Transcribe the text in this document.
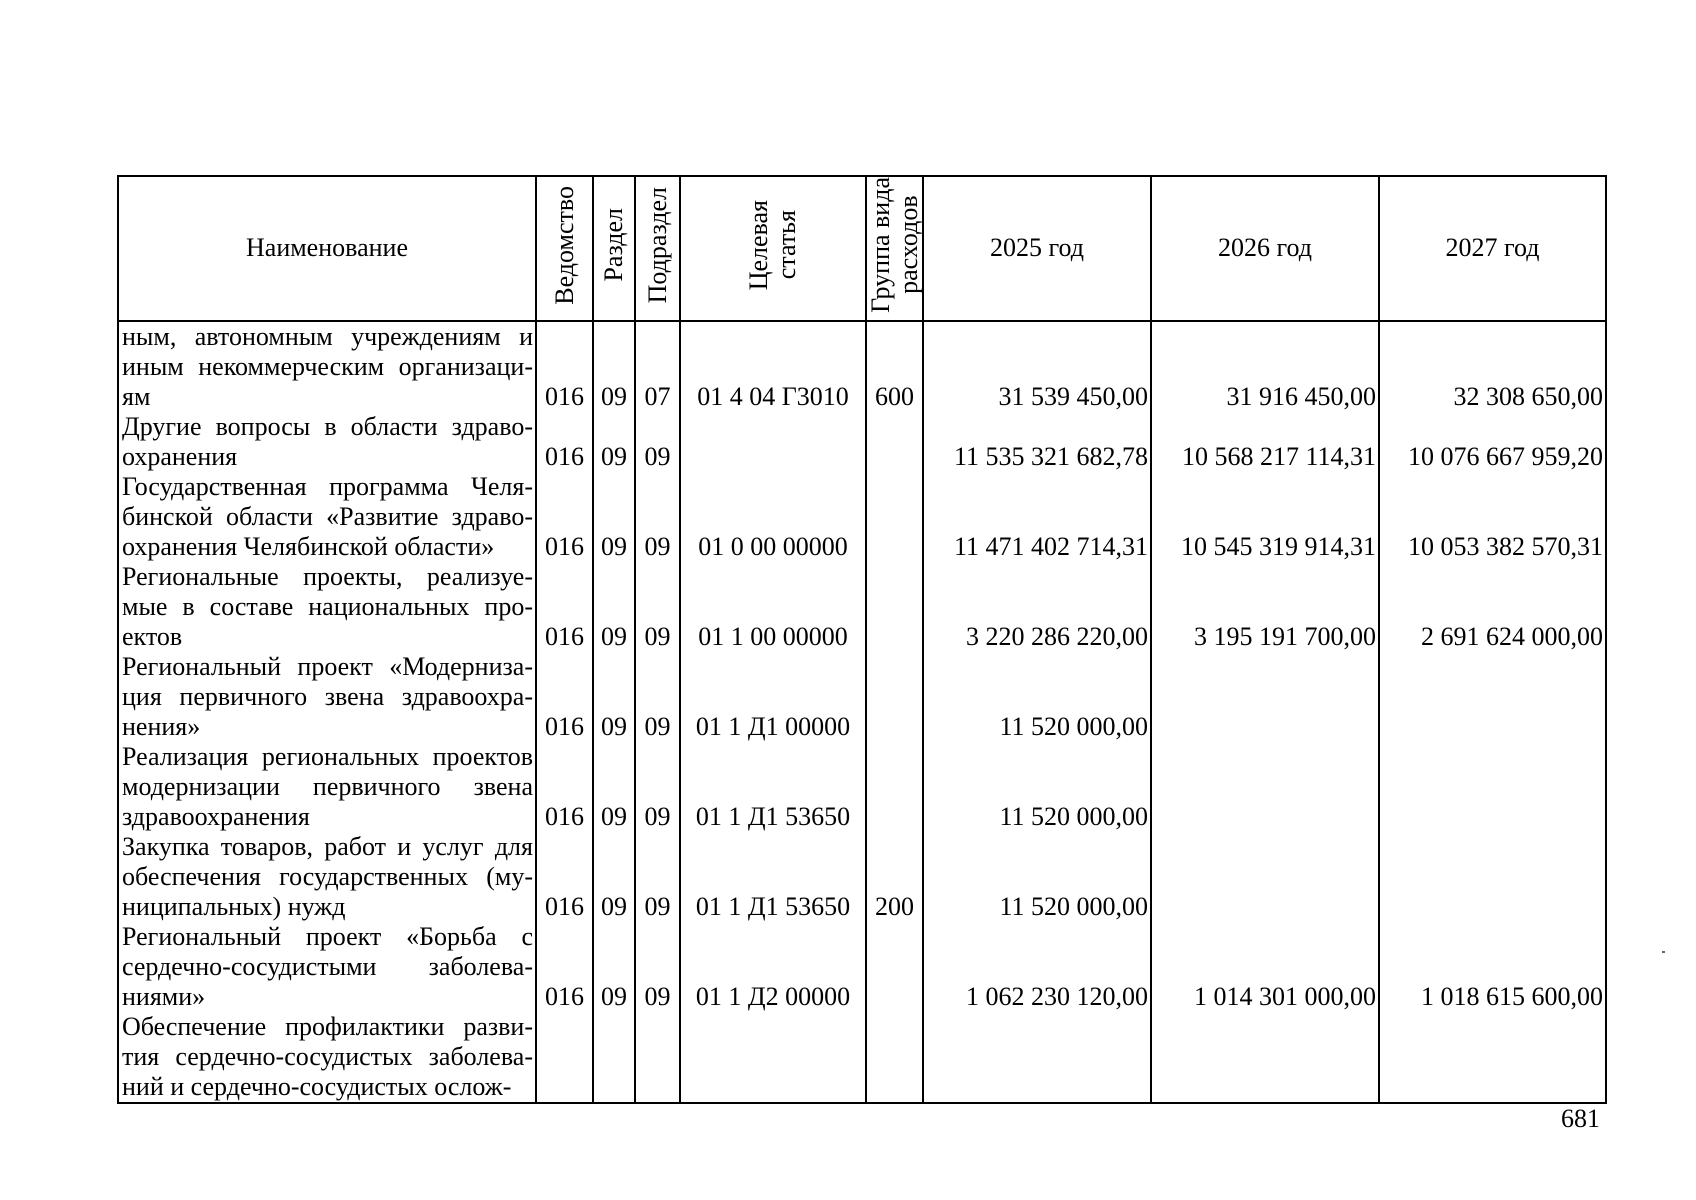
Наименование	Ведомство	Раздел	Подраздел	Целевая
статья	Группа вида
расходов	2025 год	2026 год	2027 год
ным, автономным учреждениям и иным некоммерческим организациям	016	09	07	01 4 04 Г3010	600	31 539 450,00	31 916 450,00	32 308 650,00
Другие вопросы в области здравоохранения	016	09	09			11 535 321 682,78	10 568 217 114,31	10 076 667 959,20
Государственная программа Челябинской области «Развитие здравоохранения Челябинской области»	016	09	09	01 0 00 00000		11 471 402 714,31	10 545 319 914,31	10 053 382 570,31
Региональные проекты, реализуемые в составе национальных проектов	016	09	09	01 1 00 00000		3 220 286 220,00	3 195 191 700,00	2 691 624 000,00
Региональный проект «Модернизация первичного звена здравоохранения»	016	09	09	01 1 Д1 00000		11 520 000,00		
Реализация региональных проектов модернизации первичного звена здравоохранения	016	09	09	01 1 Д1 53650		11 520 000,00		
Закупка товаров, работ и услуг для обеспечения государственных (муниципальных) нужд	016	09	09	01 1 Д1 53650	200	11 520 000,00		
Региональный проект «Борьба с сердечно-сосудистыми заболеваниями»	016	09	09	01 1 Д2 00000		1 062 230 120,00	1 014 301 000,00	1 018 615 600,00
Обеспечение профилактики развития сердечно-сосудистых заболеваний и сердечно-сосудистых ослож-								
681
